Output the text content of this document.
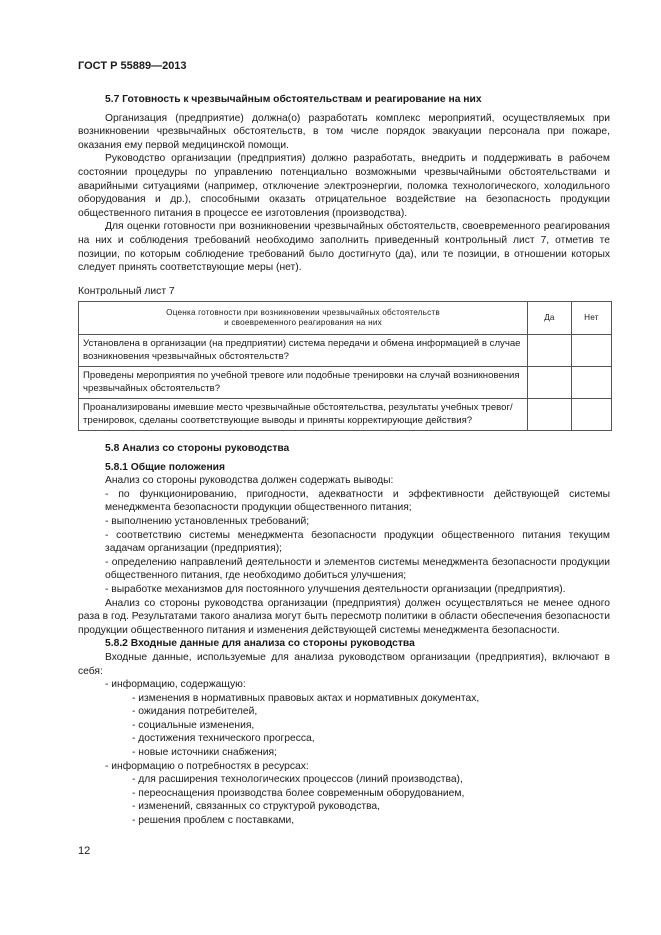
ГОСТ Р 55889—2013

5.7 Готовность к чрезвычайным обстоятельствам и реагирование на них

Организация (предприятие) должна(о) разработать комплекс мероприятий, осуществляемых при возникновении чрезвычайных обстоятельств, в том числе порядок эвакуации персонала при пожаре, оказания ему первой медицинской помощи.

Руководство организации (предприятия) должно разработать, внедрить и поддерживать в рабочем состоянии процедуры по управлению потенциально возможными чрезвычайными обстоятельствами и аварийными ситуациями (например, отключение электроэнергии, поломка технологического, холодильного оборудования и др.), способными оказать отрицательное воздействие на безопасность продукции общественного питания в процессе ее изготовления (производства).

Для оценки готовности при возникновении чрезвычайных обстоятельств, своевременного реагирования на них и соблюдения требований необходимо заполнить приведенный контрольный лист 7, отметив те позиции, по которым соблюдение требований было достигнуто (да), или те позиции, в отношении которых следует принять соответствующие меры (нет).

Контрольный лист 7

Оценка готовности при возникновении чрезвычайных обстоятельств
и своевременного реагирования на них	Да	Нет
Установлена в организации (на предприятии) система передачи и обмена информацией в случае возникновения чрезвычайных обстоятельств?		
Проведены мероприятия по учебной тревоге или подобные тренировки на случай возникновения чрезвычайных обстоятельств?		
Проанализированы имевшие место чрезвычайные обстоятельства, результаты учебных тревог/тренировок, сделаны соответствующие выводы и приняты корректирующие действия?		

5.8 Анализ со стороны руководства

5.8.1 Общие положения

Анализ со стороны руководства должен содержать выводы:

- по функционированию, пригодности, адекватности и эффективности действующей системы менеджмента безопасности продукции общественного питания;

- выполнению установленных требований;

- соответствию системы менеджмента безопасности продукции общественного питания текущим задачам организации (предприятия);

- определению направлений деятельности и элементов системы менеджмента безопасности продукции общественного питания, где необходимо добиться улучшения;

- выработке механизмов для постоянного улучшения деятельности организации (предприятия).

Анализ со стороны руководства организации (предприятия) должен осуществляться не менее одного раза в год. Результатами такого анализа могут быть пересмотр политики в области обеспечения безопасности продукции общественного питания и изменения действующей системы менеджмента безопасности.

5.8.2 Входные данные для анализа со стороны руководства

Входные данные, используемые для анализа руководством организации (предприятия), включают в себя:

- информацию, содержащую:

- изменения в нормативных правовых актах и нормативных документах,

- ожидания потребителей,

- социальные изменения,

- достижения технического прогресса,

- новые источники снабжения;

- информацию о потребностях в ресурсах:

- для расширения технологических процессов (линий производства),

- переоснащения производства более современным оборудованием,

- изменений, связанных со структурой руководства,

- решения проблем с поставками,

12
